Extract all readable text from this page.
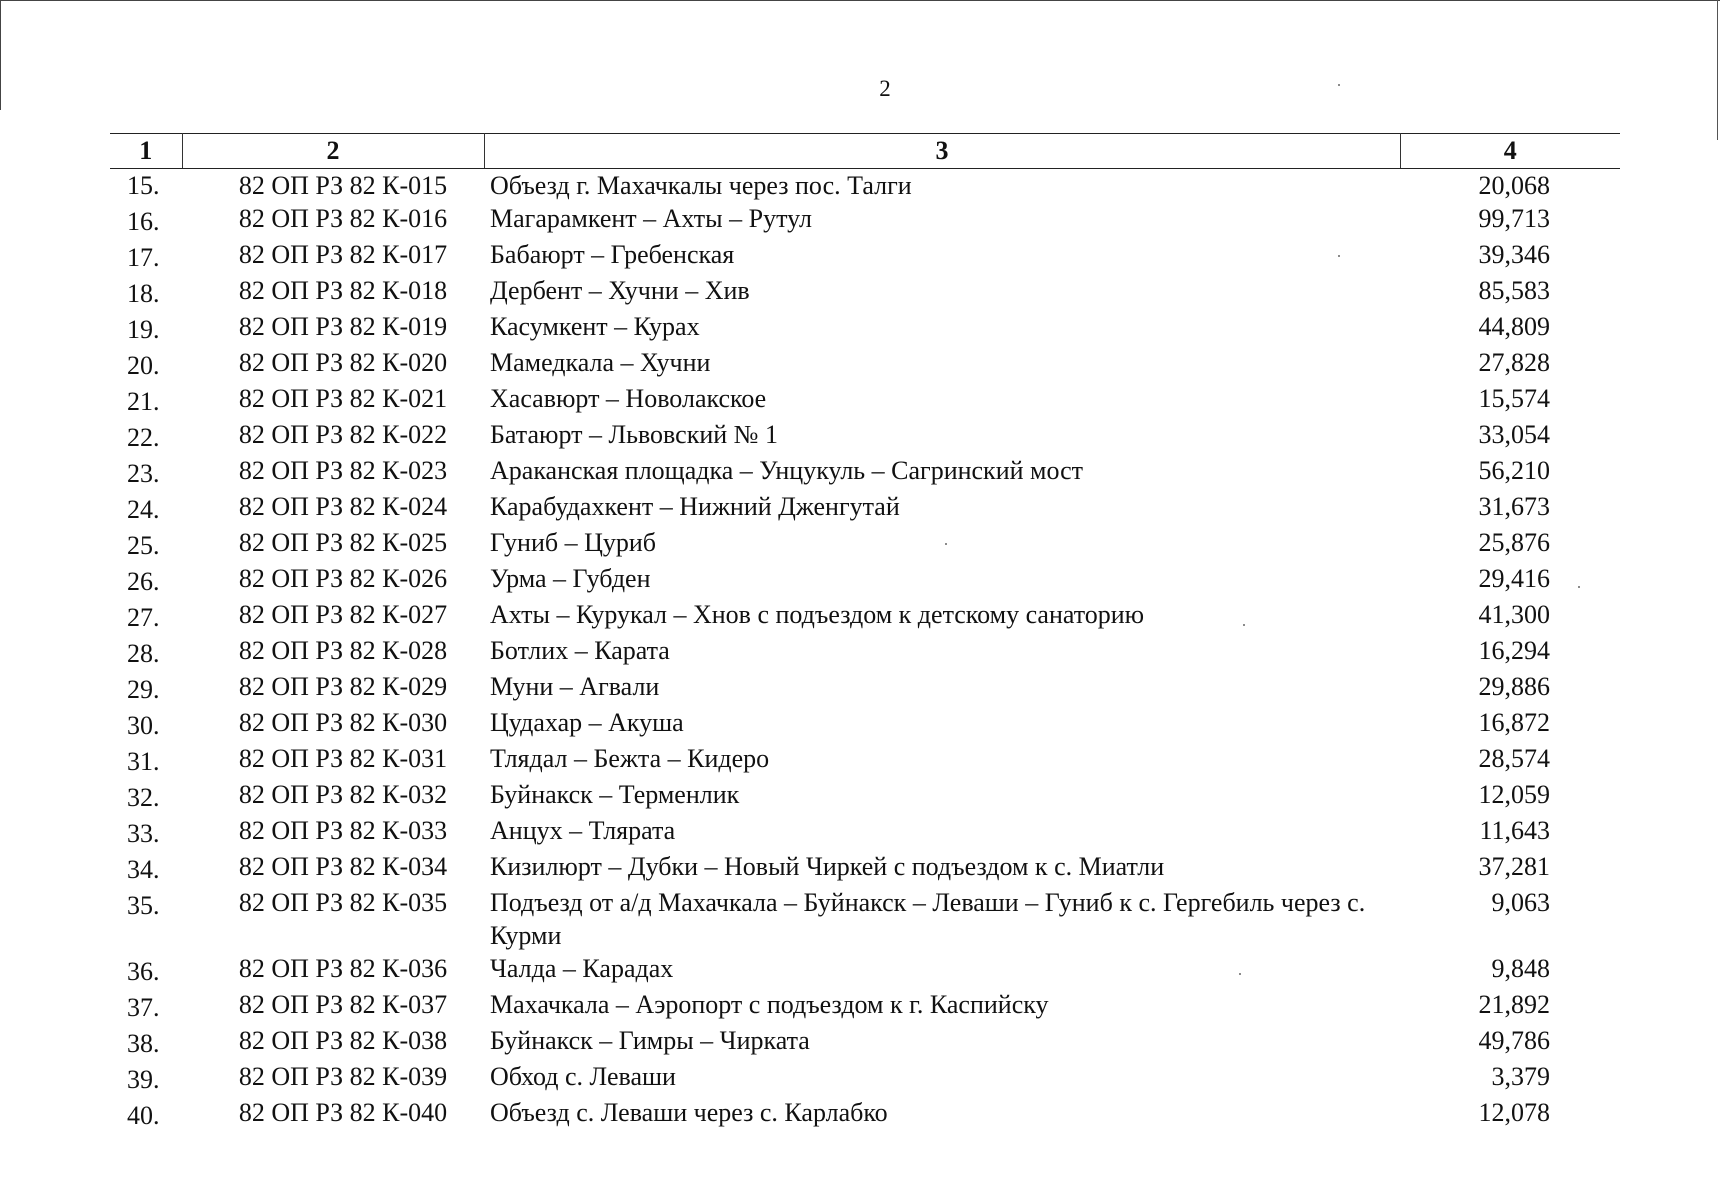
2
1	2	3	4
15.	82 ОП РЗ 82 К-015	Объезд г. Махачкалы через пос. Талги	20,068
16.	82 ОП РЗ 82 К-016	Магарамкент – Ахты – Рутул	99,713
17.	82 ОП РЗ 82 К-017	Бабаюрт – Гребенская	39,346
18.	82 ОП РЗ 82 К-018	Дербент – Хучни – Хив	85,583
19.	82 ОП РЗ 82 К-019	Касумкент – Курах	44,809
20.	82 ОП РЗ 82 К-020	Мамедкала – Хучни	27,828
21.	82 ОП РЗ 82 К-021	Хасавюрт – Новолакское	15,574
22.	82 ОП РЗ 82 К-022	Батаюрт – Львовский № 1	33,054
23.	82 ОП РЗ 82 К-023	Араканская площадка – Унцукуль – Сагринский мост	56,210
24.	82 ОП РЗ 82 К-024	Карабудахкент – Нижний Дженгутай	31,673
25.	82 ОП РЗ 82 К-025	Гуниб – Цуриб	25,876
26.	82 ОП РЗ 82 К-026	Урма – Губден	29,416
27.	82 ОП РЗ 82 К-027	Ахты – Курукал – Хнов с подъездом к детскому санаторию	41,300
28.	82 ОП РЗ 82 К-028	Ботлих – Карата	16,294
29.	82 ОП РЗ 82 К-029	Муни – Агвали	29,886
30.	82 ОП РЗ 82 К-030	Цудахар – Акуша	16,872
31.	82 ОП РЗ 82 К-031	Тлядал – Бежта – Кидеро	28,574
32.	82 ОП РЗ 82 К-032	Буйнакск – Терменлик	12,059
33.	82 ОП РЗ 82 К-033	Анцух – Тлярата	11,643
34.	82 ОП РЗ 82 К-034	Кизилюрт – Дубки – Новый Чиркей с подъездом к с. Миатли	37,281
35.	82 ОП РЗ 82 К-035	Подъезд от а/д Махачкала – Буйнакск – Леваши – Гуниб к с. Гергебиль через с. Курми	9,063
36.	82 ОП РЗ 82 К-036	Чалда – Карадах	9,848
37.	82 ОП РЗ 82 К-037	Махачкала – Аэропорт с подъездом к г. Каспийску	21,892
38.	82 ОП РЗ 82 К-038	Буйнакск – Гимры – Чирката	49,786
39.	82 ОП РЗ 82 К-039	Обход с. Леваши	3,379
40.	82 ОП РЗ 82 К-040	Объезд с. Леваши через с. Карлабко	12,078
